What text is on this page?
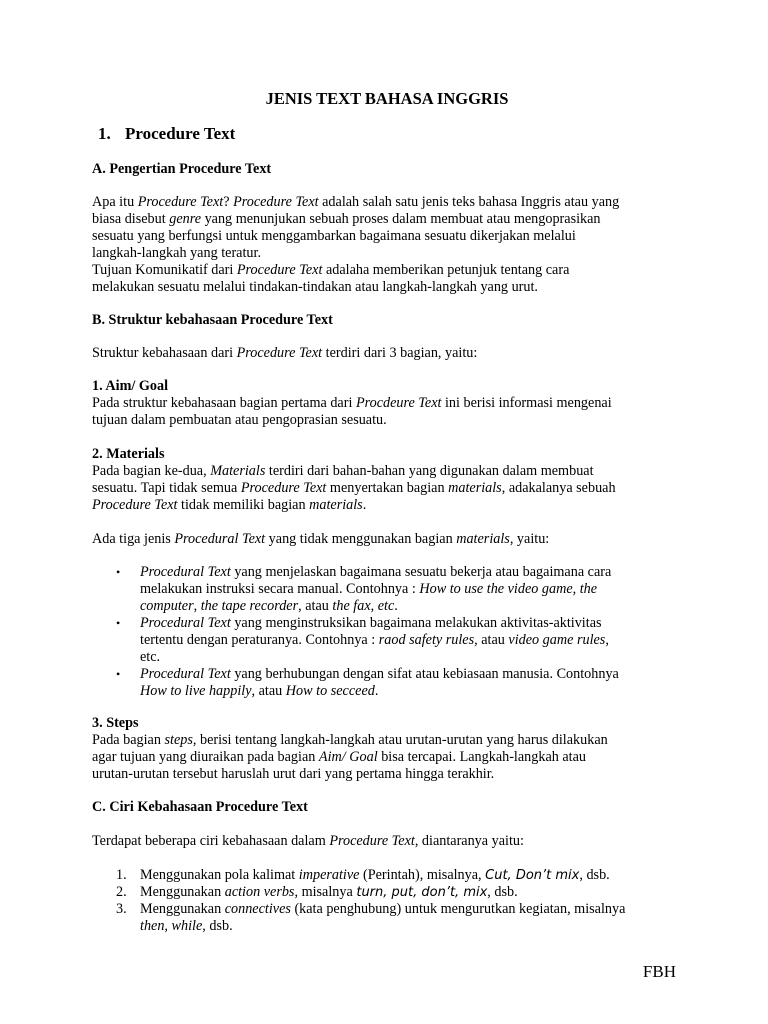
JENIS TEXT BAHASA INGGRIS
1. Procedure Text
A. Pengertian Procedure Text
Apa itu Procedure Text? Procedure Text adalah salah satu jenis teks bahasa Inggris atau yang
biasa disebut genre yang menunjukan sebuah proses dalam membuat atau mengoprasikan
sesuatu yang berfungsi untuk menggambarkan bagaimana sesuatu dikerjakan melalui
langkah-langkah yang teratur.
Tujuan Komunikatif dari Procedure Text adalaha memberikan petunjuk tentang cara
melakukan sesuatu melalui tindakan-tindakan atau langkah-langkah yang urut.
B. Struktur kebahasaan Procedure Text
Struktur kebahasaan dari Procedure Text terdiri dari 3 bagian, yaitu:
1. Aim/ Goal
Pada struktur kebahasaan bagian pertama dari Procdeure Text ini berisi informasi mengenai
tujuan dalam pembuatan atau pengoprasian sesuatu.
2. Materials
Pada bagian ke-dua, Materials terdiri dari bahan-bahan yang digunakan dalam membuat
sesuatu. Tapi tidak semua Procedure Text menyertakan bagian materials, adakalanya sebuah
Procedure Text tidak memiliki bagian materials.
Ada tiga jenis Procedural Text yang tidak menggunakan bagian materials, yaitu:
• Procedural Text yang menjelaskan bagaimana sesuatu bekerja atau bagaimana cara
melakukan instruksi secara manual. Contohnya : How to use the video game, the
computer, the tape recorder, atau the fax, etc.
• Procedural Text yang menginstruksikan bagaimana melakukan aktivitas-aktivitas
tertentu dengan peraturanya. Contohnya : raod safety rules, atau video game rules,
etc.
• Procedural Text yang berhubungan dengan sifat atau kebiasaan manusia. Contohnya
How to live happily, atau How to secceed.
3. Steps
Pada bagian steps, berisi tentang langkah-langkah atau urutan-urutan yang harus dilakukan
agar tujuan yang diuraikan pada bagian Aim/ Goal bisa tercapai. Langkah-langkah atau
urutan-urutan tersebut haruslah urut dari yang pertama hingga terakhir.
C. Ciri Kebahasaan Procedure Text
Terdapat beberapa ciri kebahasaan dalam Procedure Text, diantaranya yaitu:
1. Menggunakan pola kalimat imperative (Perintah), misalnya, Cut, Don’t mix, dsb.
2. Menggunakan action verbs, misalnya turn, put, don’t, mix, dsb.
3. Menggunakan connectives (kata penghubung) untuk mengurutkan kegiatan, misalnya
then, while, dsb.
FBH
